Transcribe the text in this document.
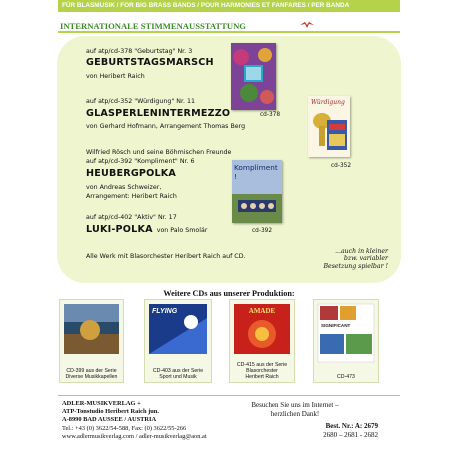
FÜR BLASMUSIK / FOR BIG BRASS BANDS / POUR HARMONIES ET FANFARES / PER BANDA
INTERNATIONALE STIMMENAUSSTATTUNG
auf atp/cd-378 "Geburtstag" Nr. 3
GEBURTSTAGSMARSCH
von Heribert Raich
cd-378
auf atp/cd-352 "Würdigung" Nr. 11
GLASPERLENINTERMEZZO
von Gerhard Hofmann, Arrangement Thomas Berg
Würdigung
cd-352
Wilfried Rösch und seine Böhmischen Freunde
auf atp/cd-392 "Kompliment" Nr. 6
HEUBERGPOLKA
von Andreas Schweizer,
Arrangement: Heribert Raich
Kompliment !
cd-392
auf atp/cd-402 "Aktiv" Nr. 17
LUKI-POLKA von Palo Smolár
Alle Werk mit Blasorchester Heribert Raich auf CD.
...auch in kleiner
bzw. variabler
Besetzung spielbar !
Weitere CDs aus unserer Produktion:
CD-399 aus der Serie
Diverse Musikkapellen
FLYING
CD-403 aus der Serie
Sport und Musik
AMADE
CD-415 aus der Serie
Blasorchester
Heribert Raich
SIGNIFICANT
CD-473
ADLER-MUSIKVERLAG +
ATP-Tonstudio Heribert Raich jun.
A-8990 BAD AUSSEE / AUSTRIA
Tel.: +43 (0) 3622/54-588, Fax: (0) 3622/55-266
www.adlermusikverlag.com / adler-musikverlag@aon.at
Besuchen Sie uns im Internet –
herzlichen Dank!
Best. Nr.: A: 2679
2680 – 2681 - 2682
